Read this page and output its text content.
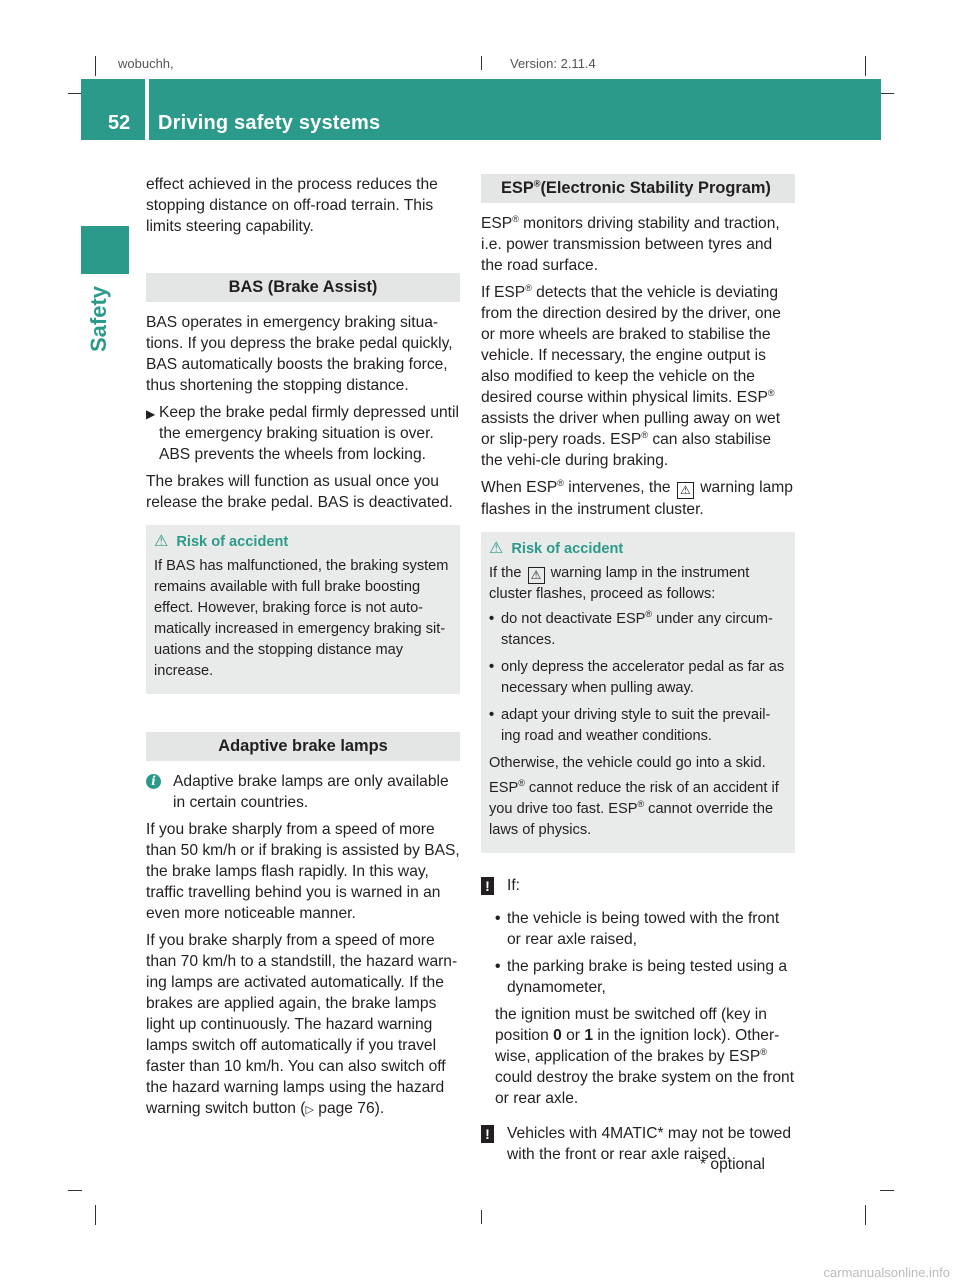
wobuchh,	Version: 2.11.4
52 Driving safety systems
Safety

effect achieved in the process reduces the stopping distance on off-road terrain. This limits steering capability.

BAS (Brake Assist)

BAS operates in emergency braking situa-tions. If you depress the brake pedal quickly, BAS automatically boosts the braking force, thus shortening the stopping distance.

▶ Keep the brake pedal firmly depressed until the emergency braking situation is over. ABS prevents the wheels from locking.

The brakes will function as usual once you release the brake pedal. BAS is deactivated.

⚠ Risk of accident

If BAS has malfunctioned, the braking system remains available with full brake boosting effect. However, braking force is not auto-matically increased in emergency braking sit-uations and the stopping distance may increase.

Adaptive brake lamps
i	Adaptive brake lamps are only available in certain countries.

If you brake sharply from a speed of more than 50 km/h or if braking is assisted by BAS, the brake lamps flash rapidly. In this way, traffic travelling behind you is warned in an even more noticeable manner.

If you brake sharply from a speed of more than 70 km/h to a standstill, the hazard warn-ing lamps are activated automatically. If the brakes are applied again, the brake lamps light up continuously. The hazard warning lamps switch off automatically if you travel faster than 10 km/h. You can also switch off the hazard warning lamps using the hazard warning switch button (▷ page 76).

ESP®(Electronic Stability Program)

ESP® monitors driving stability and traction, i.e. power transmission between tyres and the road surface.

If ESP® detects that the vehicle is deviating from the direction desired by the driver, one or more wheels are braked to stabilise the vehicle. If necessary, the engine output is also modified to keep the vehicle on the desired course within physical limits. ESP® assists the driver when pulling away on wet or slip-pery roads. ESP® can also stabilise the vehi-cle during braking.

When ESP® intervenes, the ⚠ warning lamp flashes in the instrument cluster.

⚠ Risk of accident

If the ⚠ warning lamp in the instrument cluster flashes, proceed as follows:

• do not deactivate ESP® under any circum-stances.
• only depress the accelerator pedal as far as necessary when pulling away.
• adapt your driving style to suit the prevail-ing road and weather conditions.

Otherwise, the vehicle could go into a skid.

ESP® cannot reduce the risk of an accident if you drive too fast. ESP® cannot override the laws of physics.

! If:
• the vehicle is being towed with the front or rear axle raised,
• the parking brake is being tested using a dynamometer,

the ignition must be switched off (key in position 0 or 1 in the ignition lock). Other-wise, application of the brakes by ESP® could destroy the brake system on the front or rear axle.

! Vehicles with 4MATIC* may not be towed with the front or rear axle raised.
* optional
carmanualsonline.info
